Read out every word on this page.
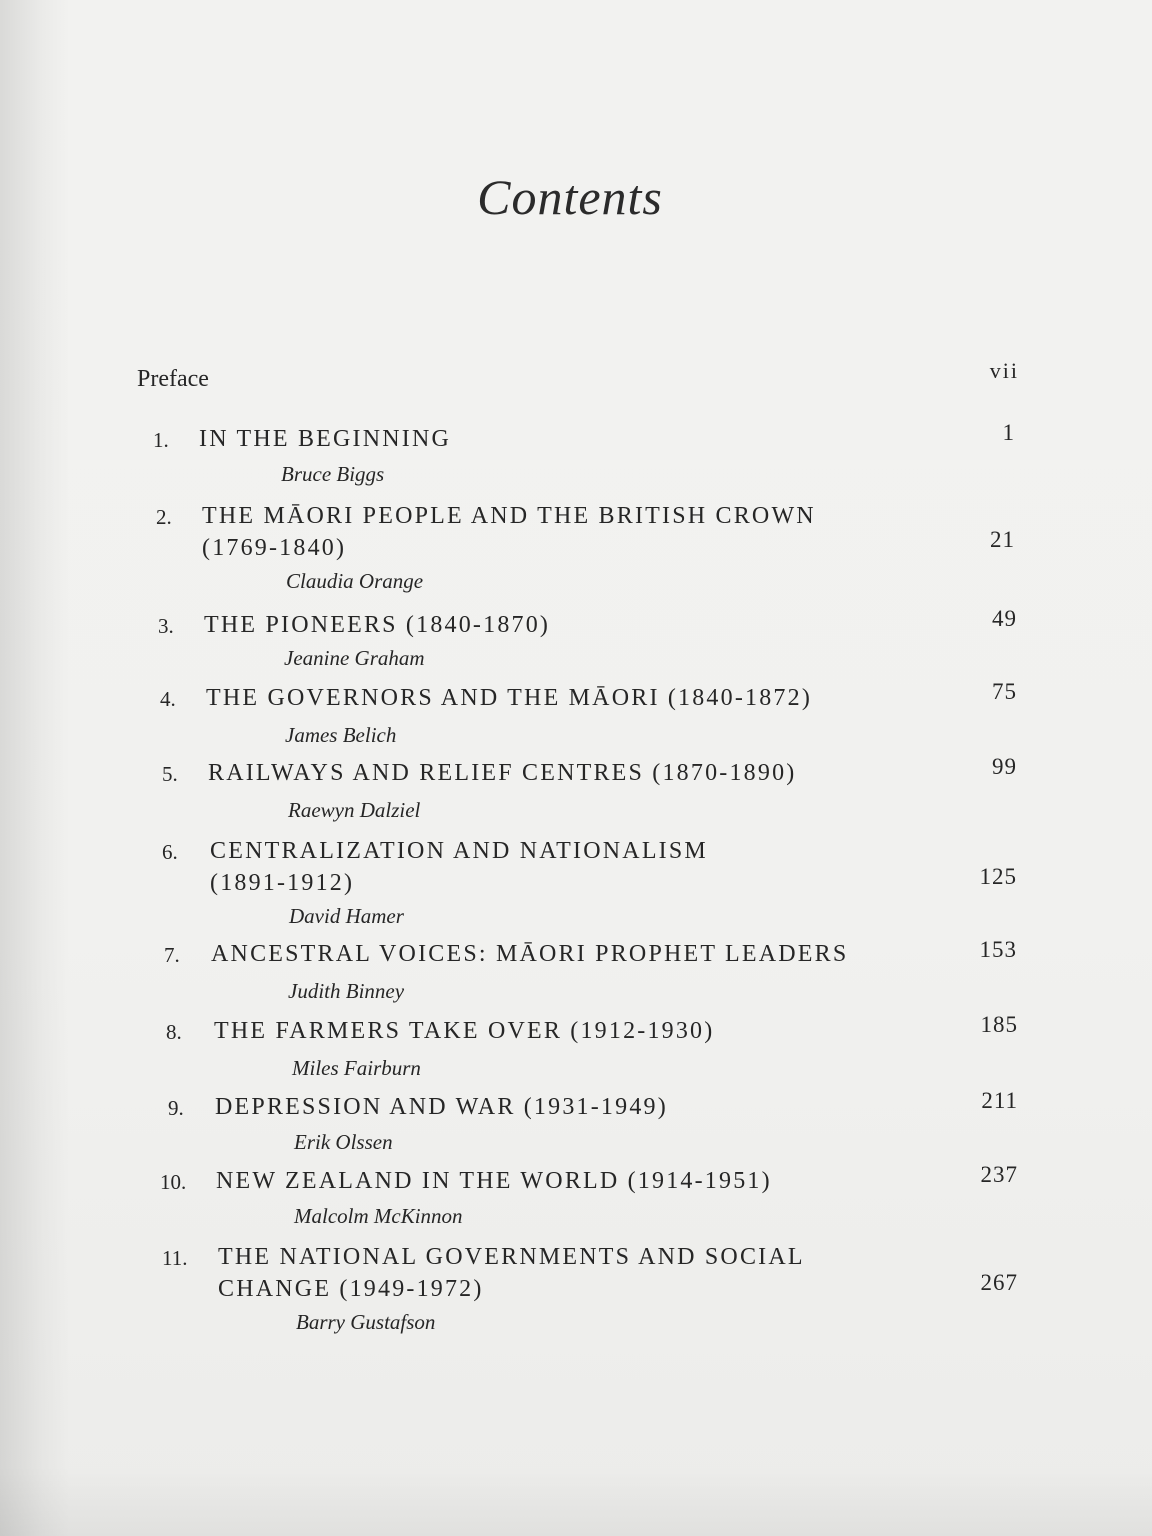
Contents
Preface	vii
1. IN THE BEGINNING	1
Bruce Biggs
2. THE MĀORI PEOPLE AND THE BRITISH CROWN
(1769-1840)	21
Claudia Orange
3. THE PIONEERS (1840-1870)	49
Jeanine Graham
4. THE GOVERNORS AND THE MĀORI (1840-1872)	75
James Belich
5. RAILWAYS AND RELIEF CENTRES (1870-1890)	99
Raewyn Dalziel
6. CENTRALIZATION AND NATIONALISM
(1891-1912)	125
David Hamer
7. ANCESTRAL VOICES: MĀORI PROPHET LEADERS	153
Judith Binney
8. THE FARMERS TAKE OVER (1912-1930)	185
Miles Fairburn
9. DEPRESSION AND WAR (1931-1949)	211
Erik Olssen
10. NEW ZEALAND IN THE WORLD (1914-1951)	237
Malcolm McKinnon
11. THE NATIONAL GOVERNMENTS AND SOCIAL
CHANGE (1949-1972)	267
Barry Gustafson
